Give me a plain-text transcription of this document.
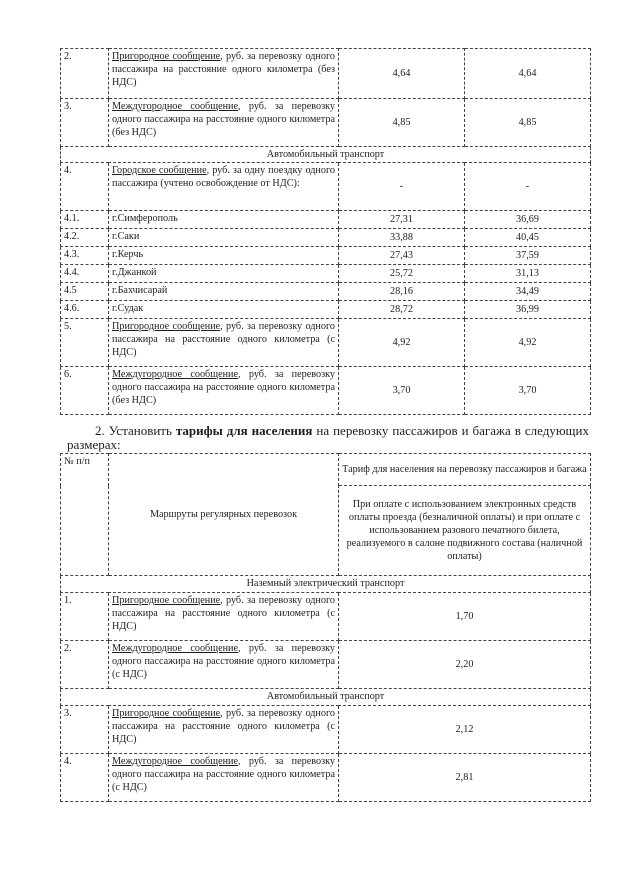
2.	Пригородное сообщение, руб. за перевозку одного пассажира на расстояние одного километра (без НДС)	4,64	4,64
3.	Междугородное сообщение, руб. за перевозку одного пассажира на расстояние одного километра (без НДС)	4,85	4,85
Автомобильный транспорт			
4.	Городское сообщение, руб. за одну поездку одного пассажира (учтено освобождение от НДС):	-	-
4.1.	г.Симферополь	27,31	36,69
4.2.	г.Саки	33,88	40,45
4.3.	г.Керчь	27,43	37,59
4.4.	г.Джанкой	25,72	31,13
4.5	г.Бахчисарай	28,16	34,49
4.6.	г.Судак	28,72	36,99
5.	Пригородное сообщение, руб. за перевозку одного пассажира на расстояние одного километра (с НДС)	4,92	4,92
6.	Междугородное сообщение, руб. за перевозку одного пассажира на расстояние одного километра (без НДС)	3,70	3,70
2. Установить тарифы для населения на перевозку пассажиров и багажа в следующих размерах:
№ п/п	Маршруты регулярных перевозок	Тариф для населения на перевозку пассажиров и багажа
		При оплате с использованием электронных средств оплаты проезда (безналичной оплаты) и при оплате с использованием разового печатного билета, реализуемого в салоне подвижного состава (наличной оплаты)
Наземный электрический транспорт		
1.	Пригородное сообщение, руб. за перевозку одного пассажира на расстояние одного километра (с НДС)	1,70
2.	Междугородное сообщение, руб. за перевозку одного пассажира на расстояние одного километра (с НДС)	2,20
Автомобильный транспорт		
3.	Пригородное сообщение, руб. за перевозку одного пассажира на расстояние одного километра (с НДС)	2,12
4.	Междугородное сообщение, руб. за перевозку одного пассажира на расстояние одного километра (с НДС)	2,81
